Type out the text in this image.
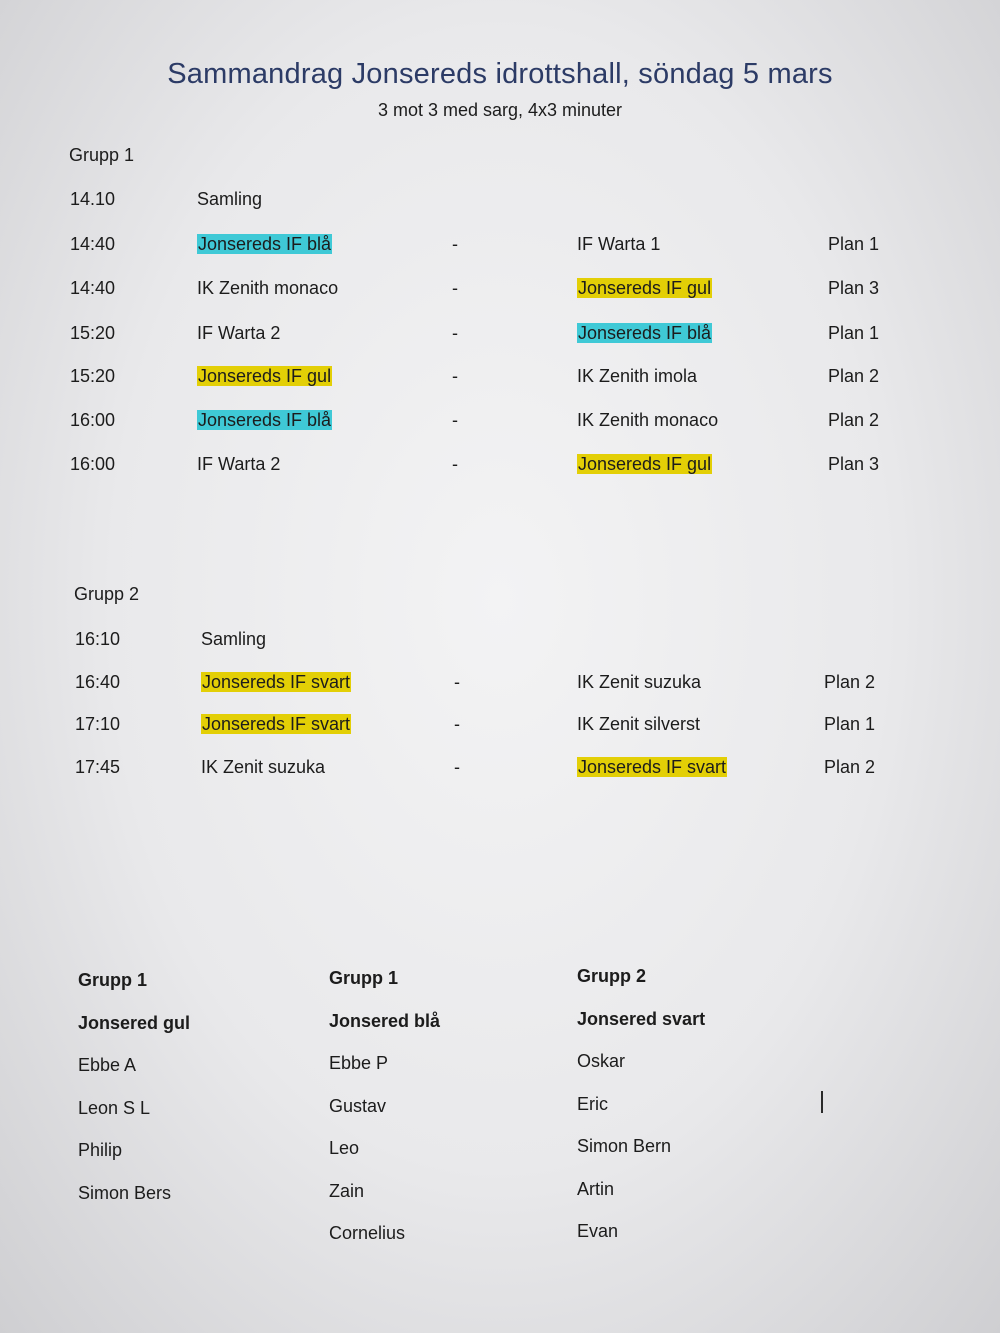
Sammandrag Jonsereds idrottshall, söndag 5 mars
3 mot 3 med sarg, 4x3 minuter
Grupp 1
14.10	Samling
14:40	Jonsereds IF blå	-	IF Warta 1	Plan 1
14:40	IK Zenith monaco	-	Jonsereds IF gul	Plan 3
15:20	IF Warta 2	-	Jonsereds IF blå	Plan 1
15:20	Jonsereds IF gul	-	IK Zenith imola	Plan 2
16:00	Jonsereds IF blå	-	IK Zenith monaco	Plan 2
16:00	IF Warta 2	-	Jonsereds IF gul	Plan 3
Grupp 2
16:10	Samling
16:40	Jonsereds IF svart	-	IK Zenit suzuka	Plan 2
17:10	Jonsereds IF svart	-	IK Zenit silverst	Plan 1
17:45	IK Zenit suzuka	-	Jonsereds IF svart	Plan 2
Grupp 1
Jonsered gul
Ebbe A
Leon S L
Philip
Simon Bers
Grupp 1
Jonsered blå
Ebbe P
Gustav
Leo
Zain
Cornelius
Grupp 2
Jonsered svart
Oskar
Eric
Simon Bern
Artin
Evan
